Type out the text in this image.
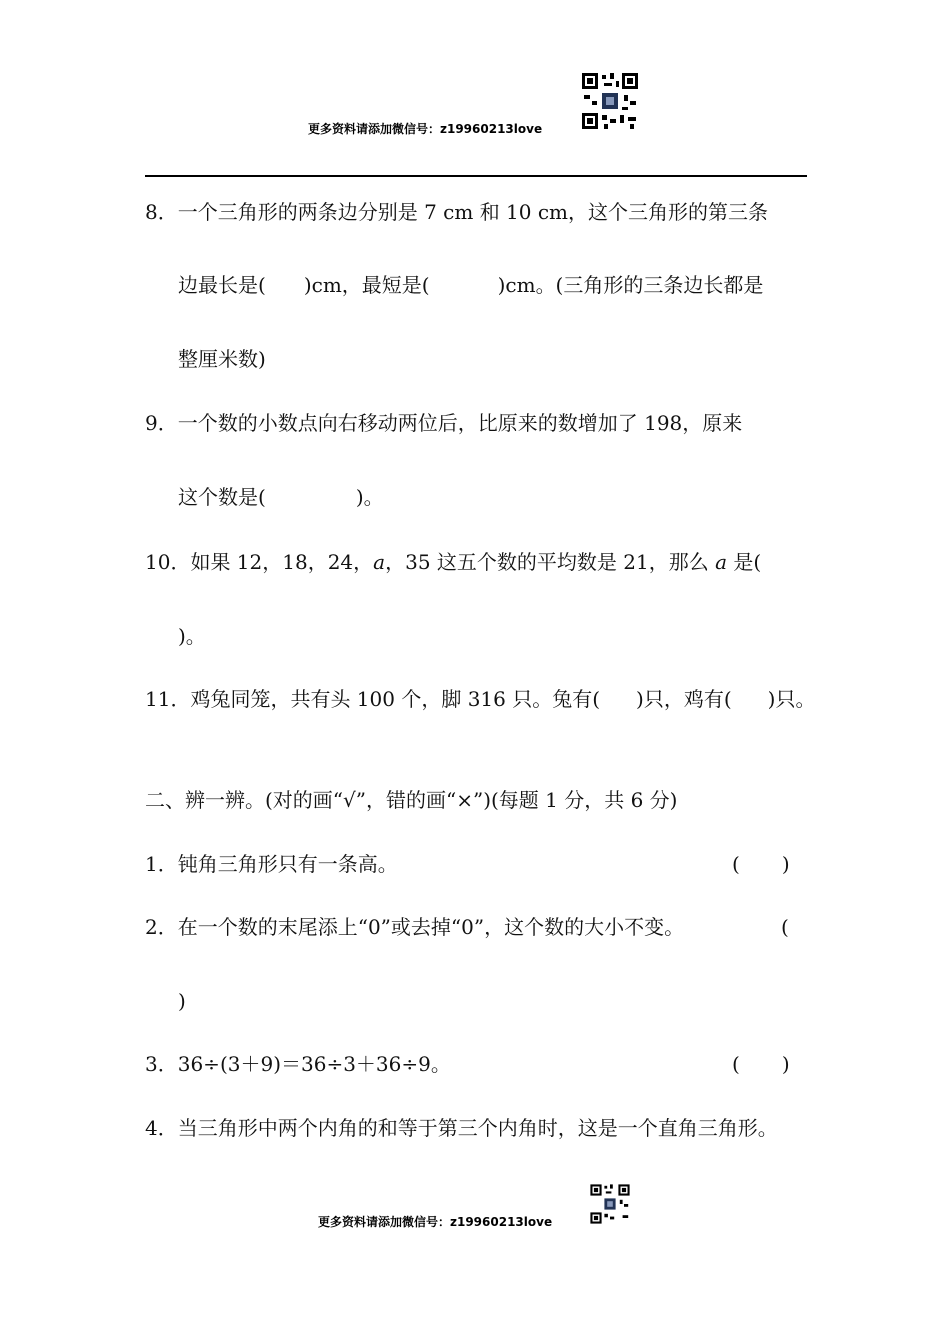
更多资料请添加微信号：z19960213love
8．一个三角形的两条边分别是 7 cm 和 10 cm，这个三角形的第三条
边最长是( )cm，最短是(	)cm。(三角形的三条边长都是
整厘米数)
9．一个数的小数点向右移动两位后，比原来的数增加了 198，原来
这个数是(	)。
10．如果 12，18，24，a，35 这五个数的平均数是 21，那么 a 是(
)。
11．鸡兔同笼，共有头 100 个，脚 316 只。兔有( )只，鸡有( )只。
二、辨一辨。(对的画“√”，错的画“×”)(每题 1 分，共 6 分)
1．钝角三角形只有一条高。	( )
2．在一个数的末尾添上“0”或去掉“0”，这个数的大小不变。	(
)
3．36÷(3＋9)＝36÷3＋36÷9。	( )
4．当三角形中两个内角的和等于第三个内角时，这是一个直角三角形。
更多资料请添加微信号：z19960213love
